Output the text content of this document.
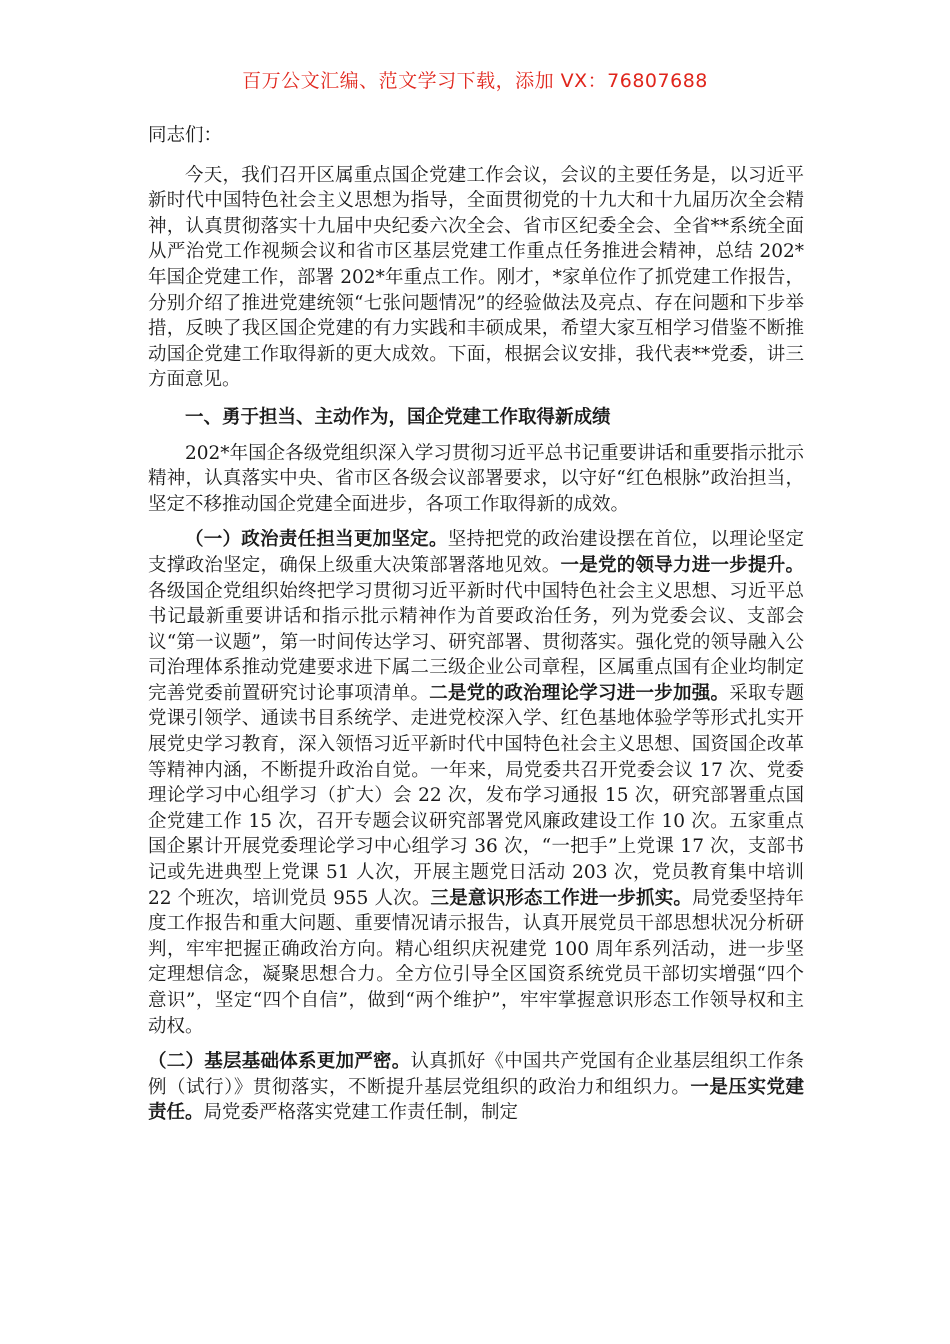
百万公文汇编、范文学习下载，添加 VX：76807688

同志们：

今天，我们召开区属重点国企党建工作会议，会议的主要任务是，以习近平新时代中国特色社会主义思想为指导，全面贯彻党的十九大和十九届历次全会精神，认真贯彻落实十九届中央纪委六次全会、省市区纪委全会、全省**系统全面从严治党工作视频会议和省市区基层党建工作重点任务推进会精神，总结 202*年国企党建工作，部署 202*年重点工作。刚才，*家单位作了抓党建工作报告，分别介绍了推进党建统领“七张问题情况”的经验做法及亮点、存在问题和下步举措，反映了我区国企党建的有力实践和丰硕成果，希望大家互相学习借鉴不断推动国企党建工作取得新的更大成效。下面，根据会议安排，我代表**党委，讲三方面意见。

一、勇于担当、主动作为，国企党建工作取得新成绩

202*年国企各级党组织深入学习贯彻习近平总书记重要讲话和重要指示批示精神，认真落实中央、省市区各级会议部署要求，以守好“红色根脉”政治担当，坚定不移推动国企党建全面进步，各项工作取得新的成效。

（一）政治责任担当更加坚定。坚持把党的政治建设摆在首位，以理论坚定支撑政治坚定，确保上级重大决策部署落地见效。一是党的领导力进一步提升。各级国企党组织始终把学习贯彻习近平新时代中国特色社会主义思想、习近平总书记最新重要讲话和指示批示精神作为首要政治任务，列为党委会议、支部会议“第一议题”，第一时间传达学习、研究部署、贯彻落实。强化党的领导融入公司治理体系推动党建要求进下属二三级企业公司章程，区属重点国有企业均制定完善党委前置研究讨论事项清单。二是党的政治理论学习进一步加强。采取专题党课引领学、通读书目系统学、走进党校深入学、红色基地体验学等形式扎实开展党史学习教育，深入领悟习近平新时代中国特色社会主义思想、国资国企改革等精神内涵，不断提升政治自觉。一年来，局党委共召开党委会议 17 次、党委理论学习中心组学习（扩大）会 22 次，发布学习通报 15 次，研究部署重点国企党建工作 15 次，召开专题会议研究部署党风廉政建设工作 10 次。五家重点国企累计开展党委理论学习中心组学习 36 次，“一把手”上党课 17 次，支部书记或先进典型上党课 51 人次，开展主题党日活动 203 次，党员教育集中培训 22 个班次，培训党员 955 人次。三是意识形态工作进一步抓实。局党委坚持年度工作报告和重大问题、重要情况请示报告，认真开展党员干部思想状况分析研判，牢牢把握正确政治方向。精心组织庆祝建党 100 周年系列活动，进一步坚定理想信念，凝聚思想合力。全方位引导全区国资系统党员干部切实增强“四个意识”，坚定“四个自信”，做到“两个维护”，牢牢掌握意识形态工作领导权和主动权。

（二）基层基础体系更加严密。认真抓好《中国共产党国有企业基层组织工作条例（试行）》贯彻落实，不断提升基层党组织的政治力和组织力。一是压实党建责任。局党委严格落实党建工作责任制，制定
